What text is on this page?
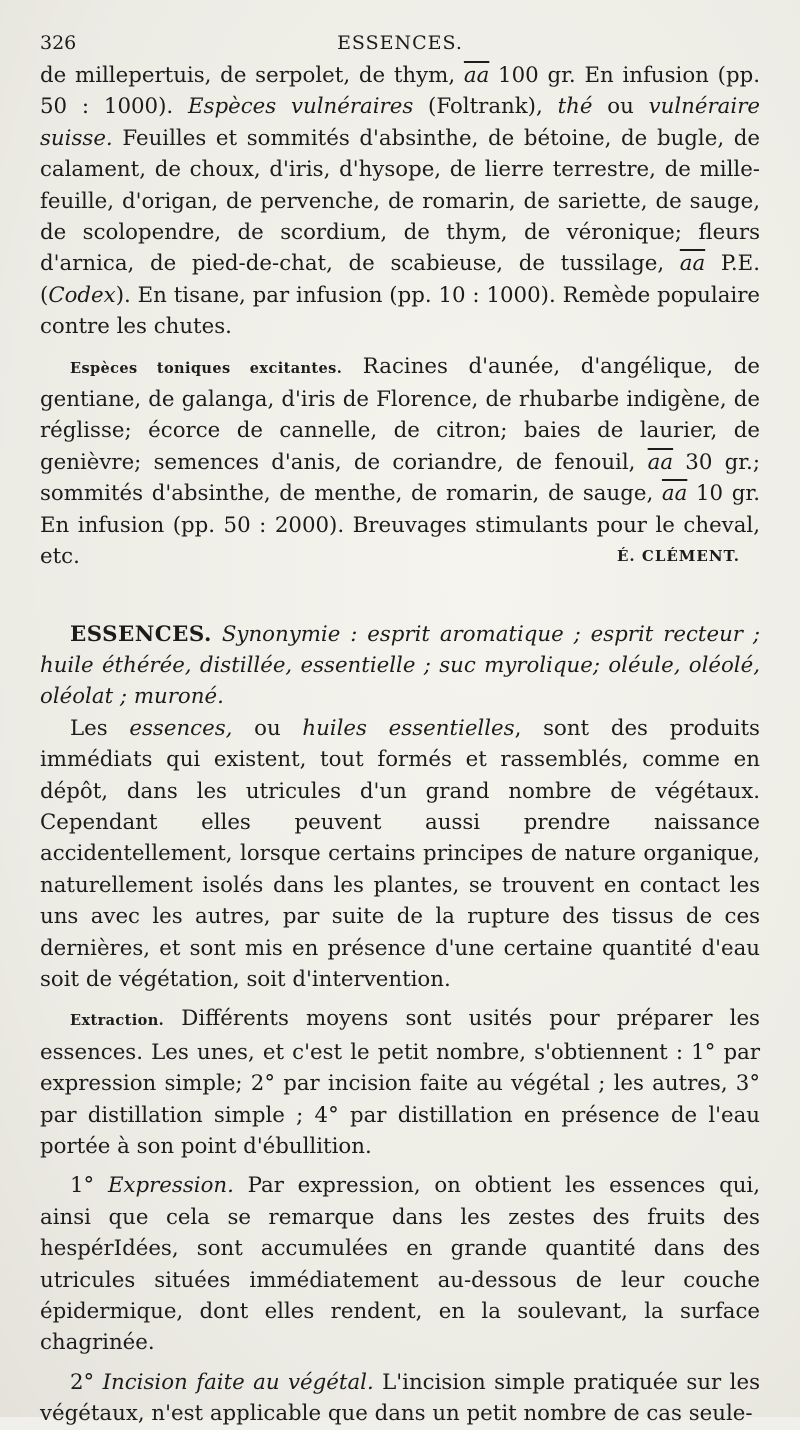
326	ESSENCES.

de millepertuis, de serpolet, de thym, $\overline{aa}$ 100 gr. En infusion (pp. 50 : 1000). Espèces vulnéraires (Foltrank), thé ou vulnéraire suisse. Feuilles et sommités d'absinthe, de bétoine, de bugle, de calament, de choux, d'iris, d'hysope, de lierre terrestre, de mille-feuille, d'origan, de pervenche, de romarin, de sariette, de sauge, de scolopendre, de scordium, de thym, de véronique; fleurs d'arnica, de pied-de-chat, de scabieuse, de tussilage, $\overline{aa}$ P.E. (Codex). En tisane, par infusion (pp. 10 : 1000). Remède populaire contre les chutes.

Espèces toniques excitantes. Racines d'aunée, d'angélique, de gentiane, de galanga, d'iris de Florence, de rhubarbe indigène, de réglisse; écorce de cannelle, de citron; baies de laurier, de genièvre; semences d'anis, de coriandre, de fenouil, $\overline{aa}$ 30 gr.; sommités d'absinthe, de menthe, de romarin, de sauge, $\overline{aa}$ 10 gr. En infusion (pp. 50 : 2000). Breuvages stimulants pour le cheval, etc.	É. CLÉMENT.

ESSENCES. Synonymie : esprit aromatique ; esprit recteur ; huile éthérée, distillée, essentielle ; suc myrolique; oléule, oléolé, oléolat ; muroné.

Les essences, ou huiles essentielles, sont des produits immédiats qui existent, tout formés et rassemblés, comme en dépôt, dans les utricules d'un grand nombre de végétaux. Cependant elles peuvent aussi prendre naissance accidentellement, lorsque certains principes de nature organique, naturellement isolés dans les plantes, se trouvent en contact les uns avec les autres, par suite de la rupture des tissus de ces dernières, et sont mis en présence d'une certaine quantité d'eau soit de végétation, soit d'intervention.

Extraction. Différents moyens sont usités pour préparer les essences. Les unes, et c'est le petit nombre, s'obtiennent : 1° par expression simple; 2° par incision faite au végétal ; les autres, 3° par distillation simple ; 4° par distillation en présence de l'eau portée à son point d'ébullition.

1° Expression. Par expression, on obtient les essences qui, ainsi que cela se remarque dans les zestes des fruits des hespérIdées, sont accumulées en grande quantité dans des utricules situées immédiatement au-dessous de leur couche épidermique, dont elles rendent, en la soulevant, la surface chagrinée.

2° Incision faite au végétal. L'incision simple pratiquée sur les végétaux, n'est applicable que dans un petit nombre de cas seule-
